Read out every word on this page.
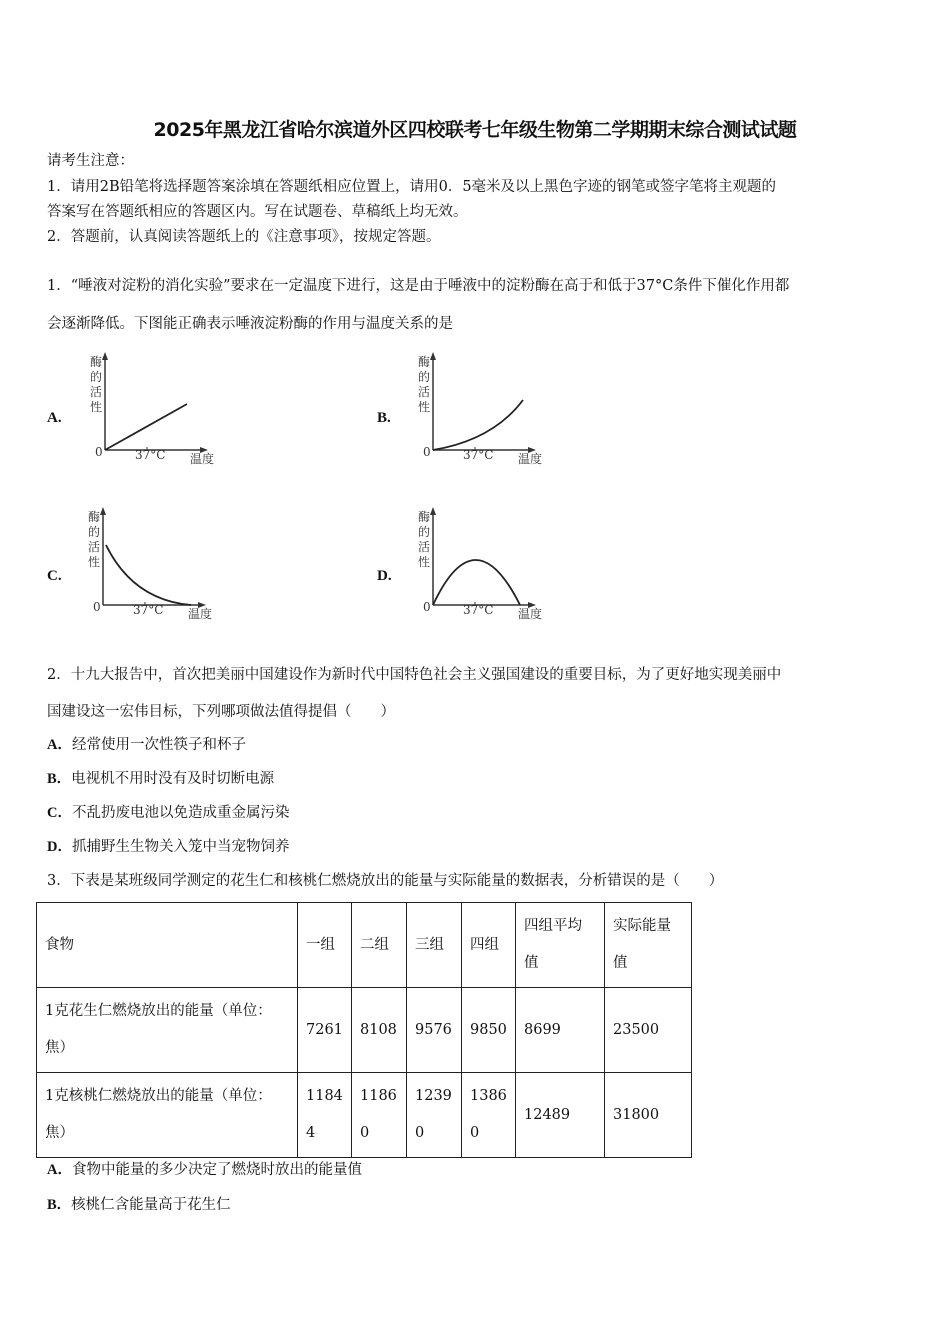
2025年黑龙江省哈尔滨道外区四校联考七年级生物第二学期期末综合测试试题
请考生注意：
1．请用2B铅笔将选择题答案涂填在答题纸相应位置上，请用0．5毫米及以上黑色字迹的钢笔或签字笔将主观题的
答案写在答题纸相应的答题区内。写在试题卷、草稿纸上均无效。
2．答题前，认真阅读答题纸上的《注意事项》，按规定答题。
1．“唾液对淀粉的消化实验”要求在一定温度下进行，这是由于唾液中的淀粉酶在高于和低于37°C条件下催化作用都
会逐渐降低。下图能正确表示唾液淀粉酶的作用与温度关系的是
A.
酶的活性
0	37°C 温度
B.
酶的活性
0	37°C 温度
C.
酶的活性
0	37°C 温度
D.
酶的活性
0	37°C 温度
2．十九大报告中，首次把美丽中国建设作为新时代中国特色社会主义强国建设的重要目标，为了更好地实现美丽中
国建设这一宏伟目标，下列哪项做法值得提倡（　　）
A．经常使用一次性筷子和杯子
B．电视机不用时没有及时切断电源
C．不乱扔废电池以免造成重金属污染
D．抓捕野生生物关入笼中当宠物饲养
3．下表是某班级同学测定的花生仁和核桃仁燃烧放出的能量与实际能量的数据表，分析错误的是（　　）
食物	一组	二组	三组	四组	四组平均值	实际能量值
1克花生仁燃烧放出的能量（单位：焦）	7261	8108	9576	9850	8699	23500
1克核桃仁燃烧放出的能量（单位：焦）	11844	11860	12390	13860	12489	31800
A．食物中能量的多少决定了燃烧时放出的能量值
B．核桃仁含能量高于花生仁
